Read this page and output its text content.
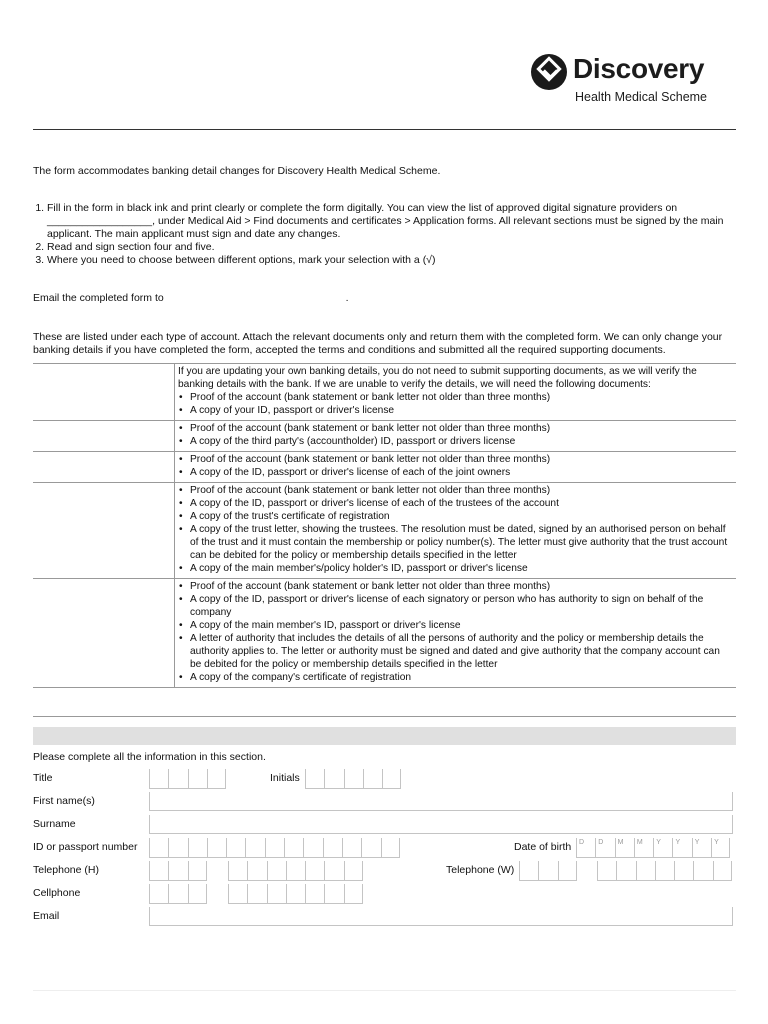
Discovery
Health Medical Scheme
The form accommodates banking detail changes for Discovery Health Medical Scheme.
1. Fill in the form in black ink and print clearly or complete the form digitally. You can view the list of approved digital signature providers on __________________, under Medical Aid > Find documents and certificates > Application forms. All relevant sections must be signed by the main applicant. The main applicant must sign and date any changes.
2. Read and sign section four and five.
3. Where you need to choose between different options, mark your selection with a (√)
Email the completed form to	.
These are listed under each type of account. Attach the relevant documents only and return them with the completed form. We can only change your banking details if you have completed the form, accepted the terms and conditions and submitted all the required supporting documents.
If you are updating your own banking details, you do not need to submit supporting documents, as we will verify the banking details with the bank. If we are unable to verify the details, we will need the following documents:
• Proof of the account (bank statement or bank letter not older than three months)
• A copy of your ID, passport or driver's license
• Proof of the account (bank statement or bank letter not older than three months)
• A copy of the third party's (accountholder) ID, passport or drivers license
• Proof of the account (bank statement or bank letter not older than three months)
• A copy of the ID, passport or driver's license of each of the joint owners
• Proof of the account (bank statement or bank letter not older than three months)
• A copy of the ID, passport or driver's license of each of the trustees of the account
• A copy of the trust's certificate of registration
• A copy of the trust letter, showing the trustees. The resolution must be dated, signed by an authorised person on behalf of the trust and it must contain the membership or policy number(s). The letter must give authority that the trust account can be debited for the policy or membership details specified in the letter
• A copy of the main member's/policy holder's ID, passport or driver's license
• Proof of the account (bank statement or bank letter not older than three months)
• A copy of the ID, passport or driver's license of each signatory or person who has authority to sign on behalf of the company
• A copy of the main member's ID, passport or driver's license
• A letter of authority that includes the details of all the persons of authority and the policy or membership details the authority applies to. The letter or authority must be signed and dated and give authority that the company account can be debited for the policy or membership details specified in the letter
• A copy of the company's certificate of registration
Please complete all the information in this section.
Title	Initials
First name(s)
Surname
ID or passport number	Date of birth	D	D	M	M	Y	Y	Y	Y
Telephone (H)	Telephone (W)
Cellphone
Email
